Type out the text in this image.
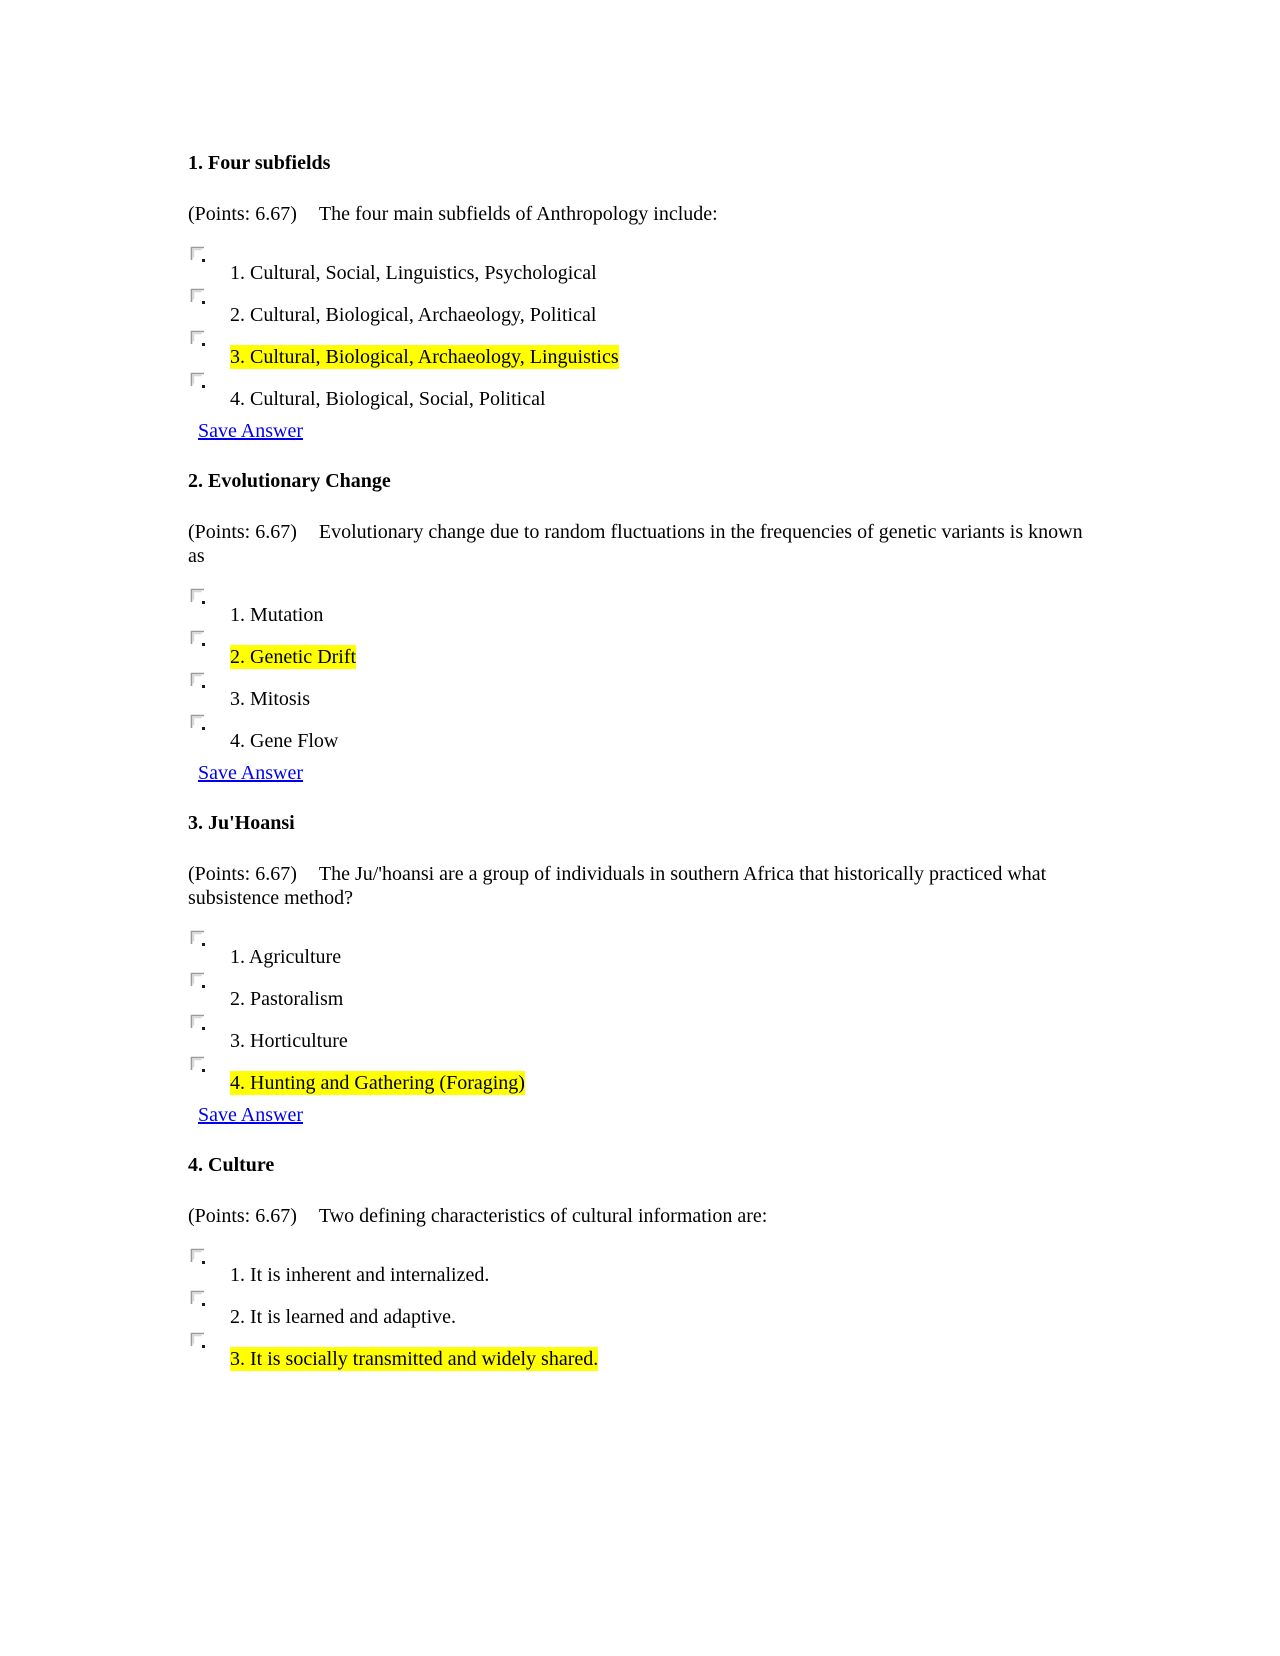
1. Four subfields
(Points: 6.67) The four main subfields of Anthropology include:
1. Cultural, Social, Linguistics, Psychological
2. Cultural, Biological, Archaeology, Political
3. Cultural, Biological, Archaeology, Linguistics
4. Cultural, Biological, Social, Political
Save Answer
2. Evolutionary Change
(Points: 6.67) Evolutionary change due to random fluctuations in the frequencies of genetic variants is known as
1. Mutation
2. Genetic Drift
3. Mitosis
4. Gene Flow
Save Answer
3. Ju'Hoansi
(Points: 6.67) The Ju/'hoansi are a group of individuals in southern Africa that historically practiced what subsistence method?
1. Agriculture
2. Pastoralism
3. Horticulture
4. Hunting and Gathering (Foraging)
Save Answer
4. Culture
(Points: 6.67) Two defining characteristics of cultural information are:
1. It is inherent and internalized.
2. It is learned and adaptive.
3. It is socially transmitted and widely shared.
